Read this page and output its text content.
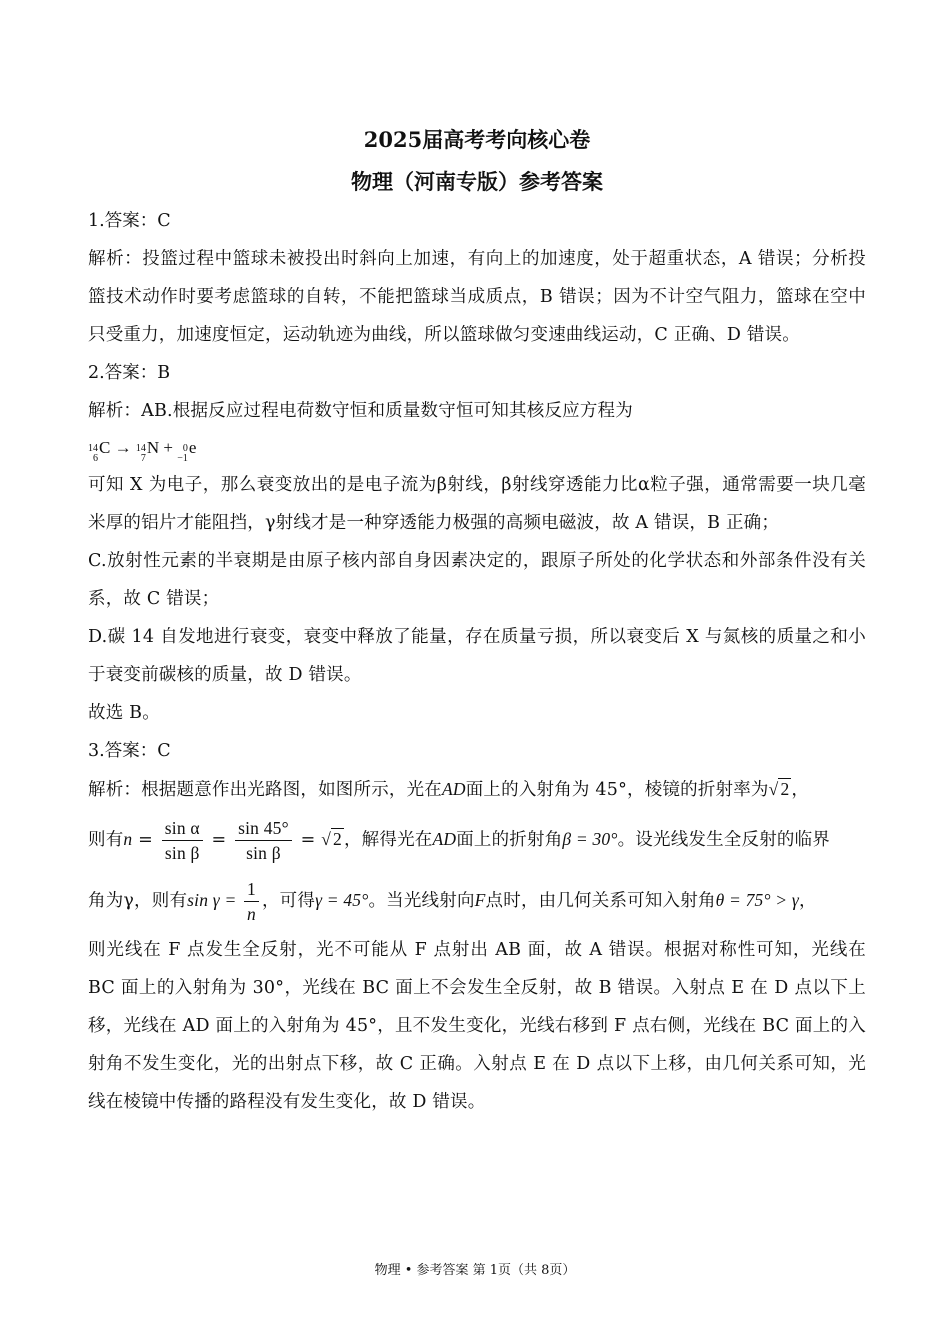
2025届高考考向核心卷
物理（河南专版）参考答案
1.答案：C
解析：投篮过程中篮球未被投出时斜向上加速，有向上的加速度，处于超重状态，A 错误；分析投篮技术动作时要考虑篮球的自转，不能把篮球当成质点，B 错误；因为不计空气阻力，篮球在空中只受重力，加速度恒定，运动轨迹为曲线，所以篮球做匀变速曲线运动，C 正确、D 错误。
2.答案：B
解析：AB.根据反应过程电荷数守恒和质量数守恒可知其核反应方程为
14
6
C → 14
7
N + 0
−1
e
可知 X 为电子，那么衰变放出的是电子流为β射线，β射线穿透能力比α粒子强，通常需要一块几毫米厚的铝片才能阻挡，γ射线才是一种穿透能力极强的高频电磁波，故 A 错误，B 正确；
C.放射性元素的半衰期是由原子核内部自身因素决定的，跟原子所处的化学状态和外部条件没有关系，故 C 错误；
D.碳 14 自发地进行衰变，衰变中释放了能量，存在质量亏损，所以衰变后 X 与氮核的质量之和小于衰变前碳核的质量，故 D 错误。
故选 B。
3.答案：C
解析：根据题意作出光路图，如图所示，光在AD面上的入射角为 45°，棱镜的折射率为√ 2 ，
则有$n = \frac{\text{sin α}}{\text{sin β}} = \frac{\sin 45^\circ}{\text{sin β}}$ = √ 2 ，解得光在AD面上的折射角β = 30°。设光线发生全反射的临界
角为γ，则有$\sin \gamma = \frac{1}{n}$ ，可得γ = 45°。当光线射向F点时，由几何关系可知入射角θ = 75° > γ，
则光线在 F 点发生全反射，光不可能从 F 点射出 AB 面，故 A 错误。根据对称性可知，光线在 BC 面上的入射角为 30°，光线在 BC 面上不会发生全反射，故 B 错误。入射点 E 在 D 点以下上移，光线在 AD 面上的入射角为 45°，且不发生变化，光线右移到 F 点右侧，光线在 BC 面上的入射角不发生变化，光的出射点下移，故 C 正确。入射点 E 在 D 点以下上移，由几何关系可知，光线在棱镜中传播的路程没有发生变化，故 D 错误。
物理 • 参考答案 第 1页（共 8页）
